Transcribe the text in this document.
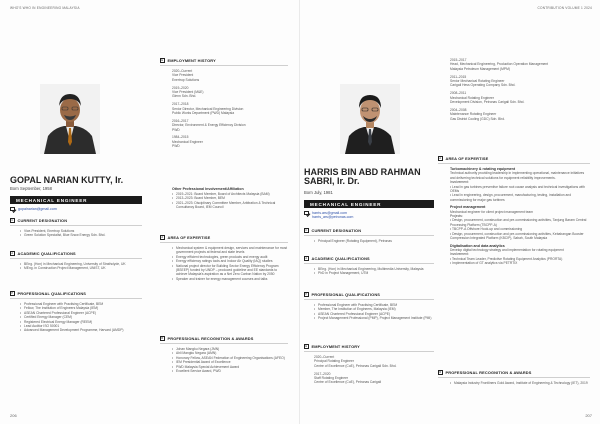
WHO'S WHO IN ENGINEERING MALAYSIA
GOPAL NARIAN KUTTY, Ir.
Born September, 1958
MECHANICAL ENGINEER
gopalnarian@gmail.com
C	CURRENT DESIGNATION
• Vice-President, Enertrop Solutions
• Green Solution Specialist, Blue Snow Energy Sdn. Bhd.
A	ACADEMIC QUALIFICATIONS
• BEng. (Hon) in Mechanical Engineering, University of Strathclyde, UK
• MEng. in Construction Project Management, UNIST, UK
P	PROFESSIONAL QUALIFICATIONS
• Professional Engineer with Practising Certificate, BEM
• Fellow, The Institution of Engineers Malaysia (IEM)
• ASEAN Chartered Professional Engineer (ACPE)
• Certified Energy Manager (CEM)
• Registered Electrical Energy Manager (REEM)
• Lead Auditor ISO 50001
• Advanced Management Development Programme, Harvard (AMDP)
E	EMPLOYMENT HISTORY
2020–Current
Vice President
Enertrop Solutions
2019–2020
Vice President (M&E)
Glenn Sdn. Bhd.
2017–2018
Senior Director, Mechanical Engineering Division
Public Works Department (PWD) Malaysia
2016–2017
Director, Environment & Energy Efficiency Division
PWD
1984–2015
Mechanical Engineer
PWD
Other Professional Involvement/Affiliation
• 2019–2021: Board Member, Board of Architects Malaysia (BAM)
• 2013–2023: Board Member, BEM
• 2021–2023: Disciplinary Committee Member, Arbitration & Technical Consultancy Board, IEM Council
A	AREA OF EXPERTISE
• Mechanical system & equipment design, services and maintenance for most government projects at federal and state levels
• Energy efficient technologies, green products and energy audit
• Energy efficiency ratings tools and Indoor Air Quality (IAQ) studies
• National project director for Building Sector Energy Efficiency Program (BSEEP) funded by UNDP – produced guideline and EE standards to achieve Malaysia's aspiration as a Net Zero Carbon Nation by 2050
• Speaker and trainer for energy management courses and talks
R	PROFESSIONAL RECOGNITION & AWARDS
• Johan Mangku Negara (JMN)
• Ahli Mangku Negara (AMN)
• Honorary Fellow, ASEAN Federation of Engineering Organisations (AFEO)
• IEM Presidential Award of Excellence
• PWD Malaysia Special Achievement Award
• Excellent Service Award, PWD
206
CONTRIBUTION VOLUME 1 2024
HARRIS BIN ABD RAHMAN
SABRI, Ir. Dr.
Born July, 1981
MECHANICAL ENGINEER
harris.ars@gmail.com
harris_ars@petronas.com
C	CURRENT DESIGNATION
• Principal Engineer (Rotating Equipment), Petronas
A	ACADEMIC QUALIFICATIONS
• BEng. (Hon) in Mechanical Engineering, Multimedia University, Malaysia
• PhD in Project Management, UTM
P	PROFESSIONAL QUALIFICATIONS
• Professional Engineer with Practising Certificate, BEM
• Member, The Institution of Engineers, Malaysia (IEM)
• ASEAN Chartered Professional Engineer (ACPE)
• Project Management Professional (PMP), Project Management Institute (PMI)
E	EMPLOYMENT HISTORY
2020–Current
Principal Rotating Engineer
Centre of Excellence (CoE), Petronas Carigali Sdn. Bhd.
2017–2020
Staff Rotating Engineer
Centre of Excellence (CoE), Petronas Carigali
2015–2017
Head, Mechanical Engineering, Production Operation Management
Malaysia Petroleum Management (MPM)
2011–2015
Senior Mechanical Rotating Engineer
Carigali Hess Operating Company Sdn. Bhd.
2008–2011
Mechanical Rotating Engineer
Development Division, Petronas Carigali Sdn. Bhd.
2004–2008
Maintenance Rotating Engineer
Gas District Cooling (GDC) Sdn. Bhd.
A	AREA OF EXPERTISE
Turbomachinery & rotating equipment
Technical authority providing leadership in implementing operational, maintenance initiatives and delivering technical solutions for equipment reliability improvements.
Involvement:
• Lead in gas turbines preventive failure root cause analysis and technical investigations with OEMs
• Lead in engineering, design, procurement, manufacturing, testing, installation and commissioning for major gas turbines
Project management
Mechanical engineer for client project management team
Projects:
• Design, procurement, construction and pre-commissioning activities, Tanjung Baram Central Processing Platform (TBCPP-A)
• TBCPP-A Offshore Hook-up and commissioning
• Design, procurement, construction and pre-commissioning activities, Kebabangan Booster Compression Integrated Platform (KBCIP), Sabah, South Malaysia
Digitalisation and data analytics
Develop digital technology strategy and implementation for rotating equipment
Involvement:
• Technical Team Leader, Predictive Rotating Equipment Analytics (PRORTA)
• Implementation of GT analytics via PETRTIX
R	PROFESSIONAL RECOGNITION & AWARDS
• Malaysia Industry Frontliners Gold Award, Institute of Engineering & Technology (IET), 2019
207
